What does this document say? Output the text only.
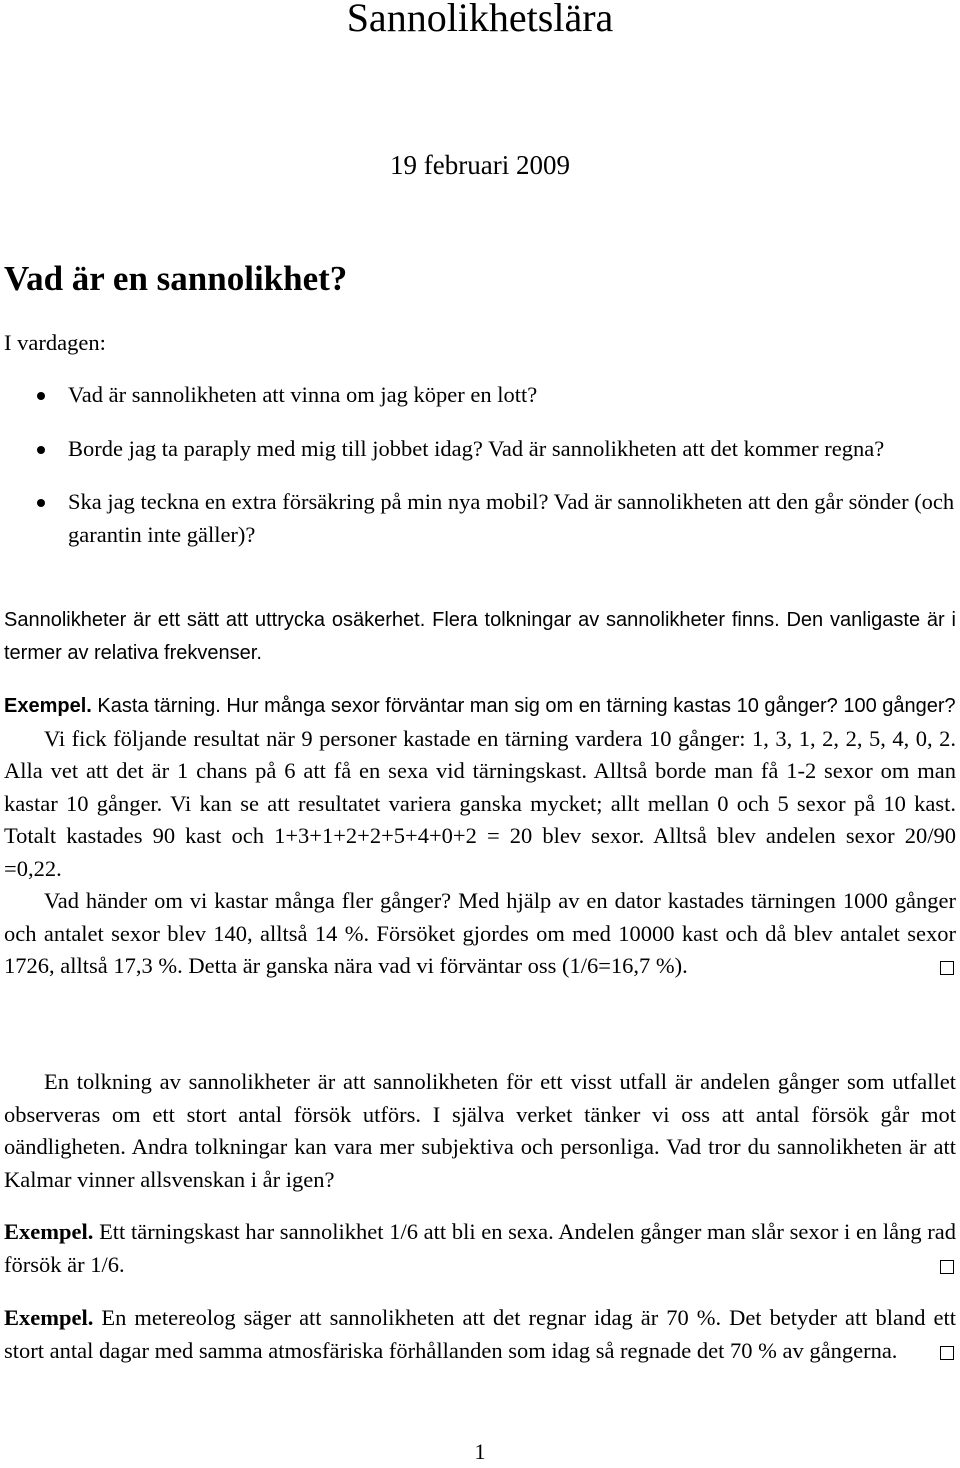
Sannolikhetslära
19 februari 2009
Vad är en sannolikhet?

I vardagen:

Vad är sannolikheten att vinna om jag köper en lott?
Borde jag ta paraply med mig till jobbet idag? Vad är sannolikheten att det kommer regna?
Ska jag teckna en extra försäkring på min nya mobil? Vad är sannolikheten att den går sönder (och garantin inte gäller)?

Sannolikheter är ett sätt att uttrycka osäkerhet. Flera tolkningar av sannolikheter finns. Den vanligaste är i termer av relativa frekvenser.

Exempel. Kasta tärning. Hur många sexor förväntar man sig om en tärning kastas 10 gånger? 100 gånger?

Vi fick följande resultat när 9 personer kastade en tärning vardera 10 gånger: 1, 3, 1, 2, 2, 5, 4, 0, 2. Alla vet att det är 1 chans på 6 att få en sexa vid tärningskast. Alltså borde man få 1-2 sexor om man kastar 10 gånger. Vi kan se att resultatet variera ganska mycket; allt mellan 0 och 5 sexor på 10 kast. Totalt kastades 90 kast och 1+3+1+2+2+5+4+0+2 = 20 blev sexor. Alltså blev andelen sexor 20/90 =0,22.

Vad händer om vi kastar många fler gånger? Med hjälp av en dator kastades tärningen 1000 gånger och antalet sexor blev 140, alltså 14 %. Försöket gjordes om med 10000 kast och då blev antalet sexor 1726, alltså 17,3 %. Detta är ganska nära vad vi förväntar oss (1/6=16,7 %).

En tolkning av sannolikheter är att sannolikheten för ett visst utfall är andelen gånger som utfallet observeras om ett stort antal försök utförs. I själva verket tänker vi oss att antal försök går mot oändligheten. Andra tolkningar kan vara mer subjektiva och personliga. Vad tror du sannolikheten är att Kalmar vinner allsvenskan i år igen?

Exempel. Ett tärningskast har sannolikhet 1/6 att bli en sexa. Andelen gånger man slår sexor i en lång rad försök är 1/6.

Exempel. En metereolog säger att sannolikheten att det regnar idag är 70 %. Det betyder att bland ett stort antal dagar med samma atmosfäriska förhållanden som idag så regnade det 70 % av gångerna.

1
